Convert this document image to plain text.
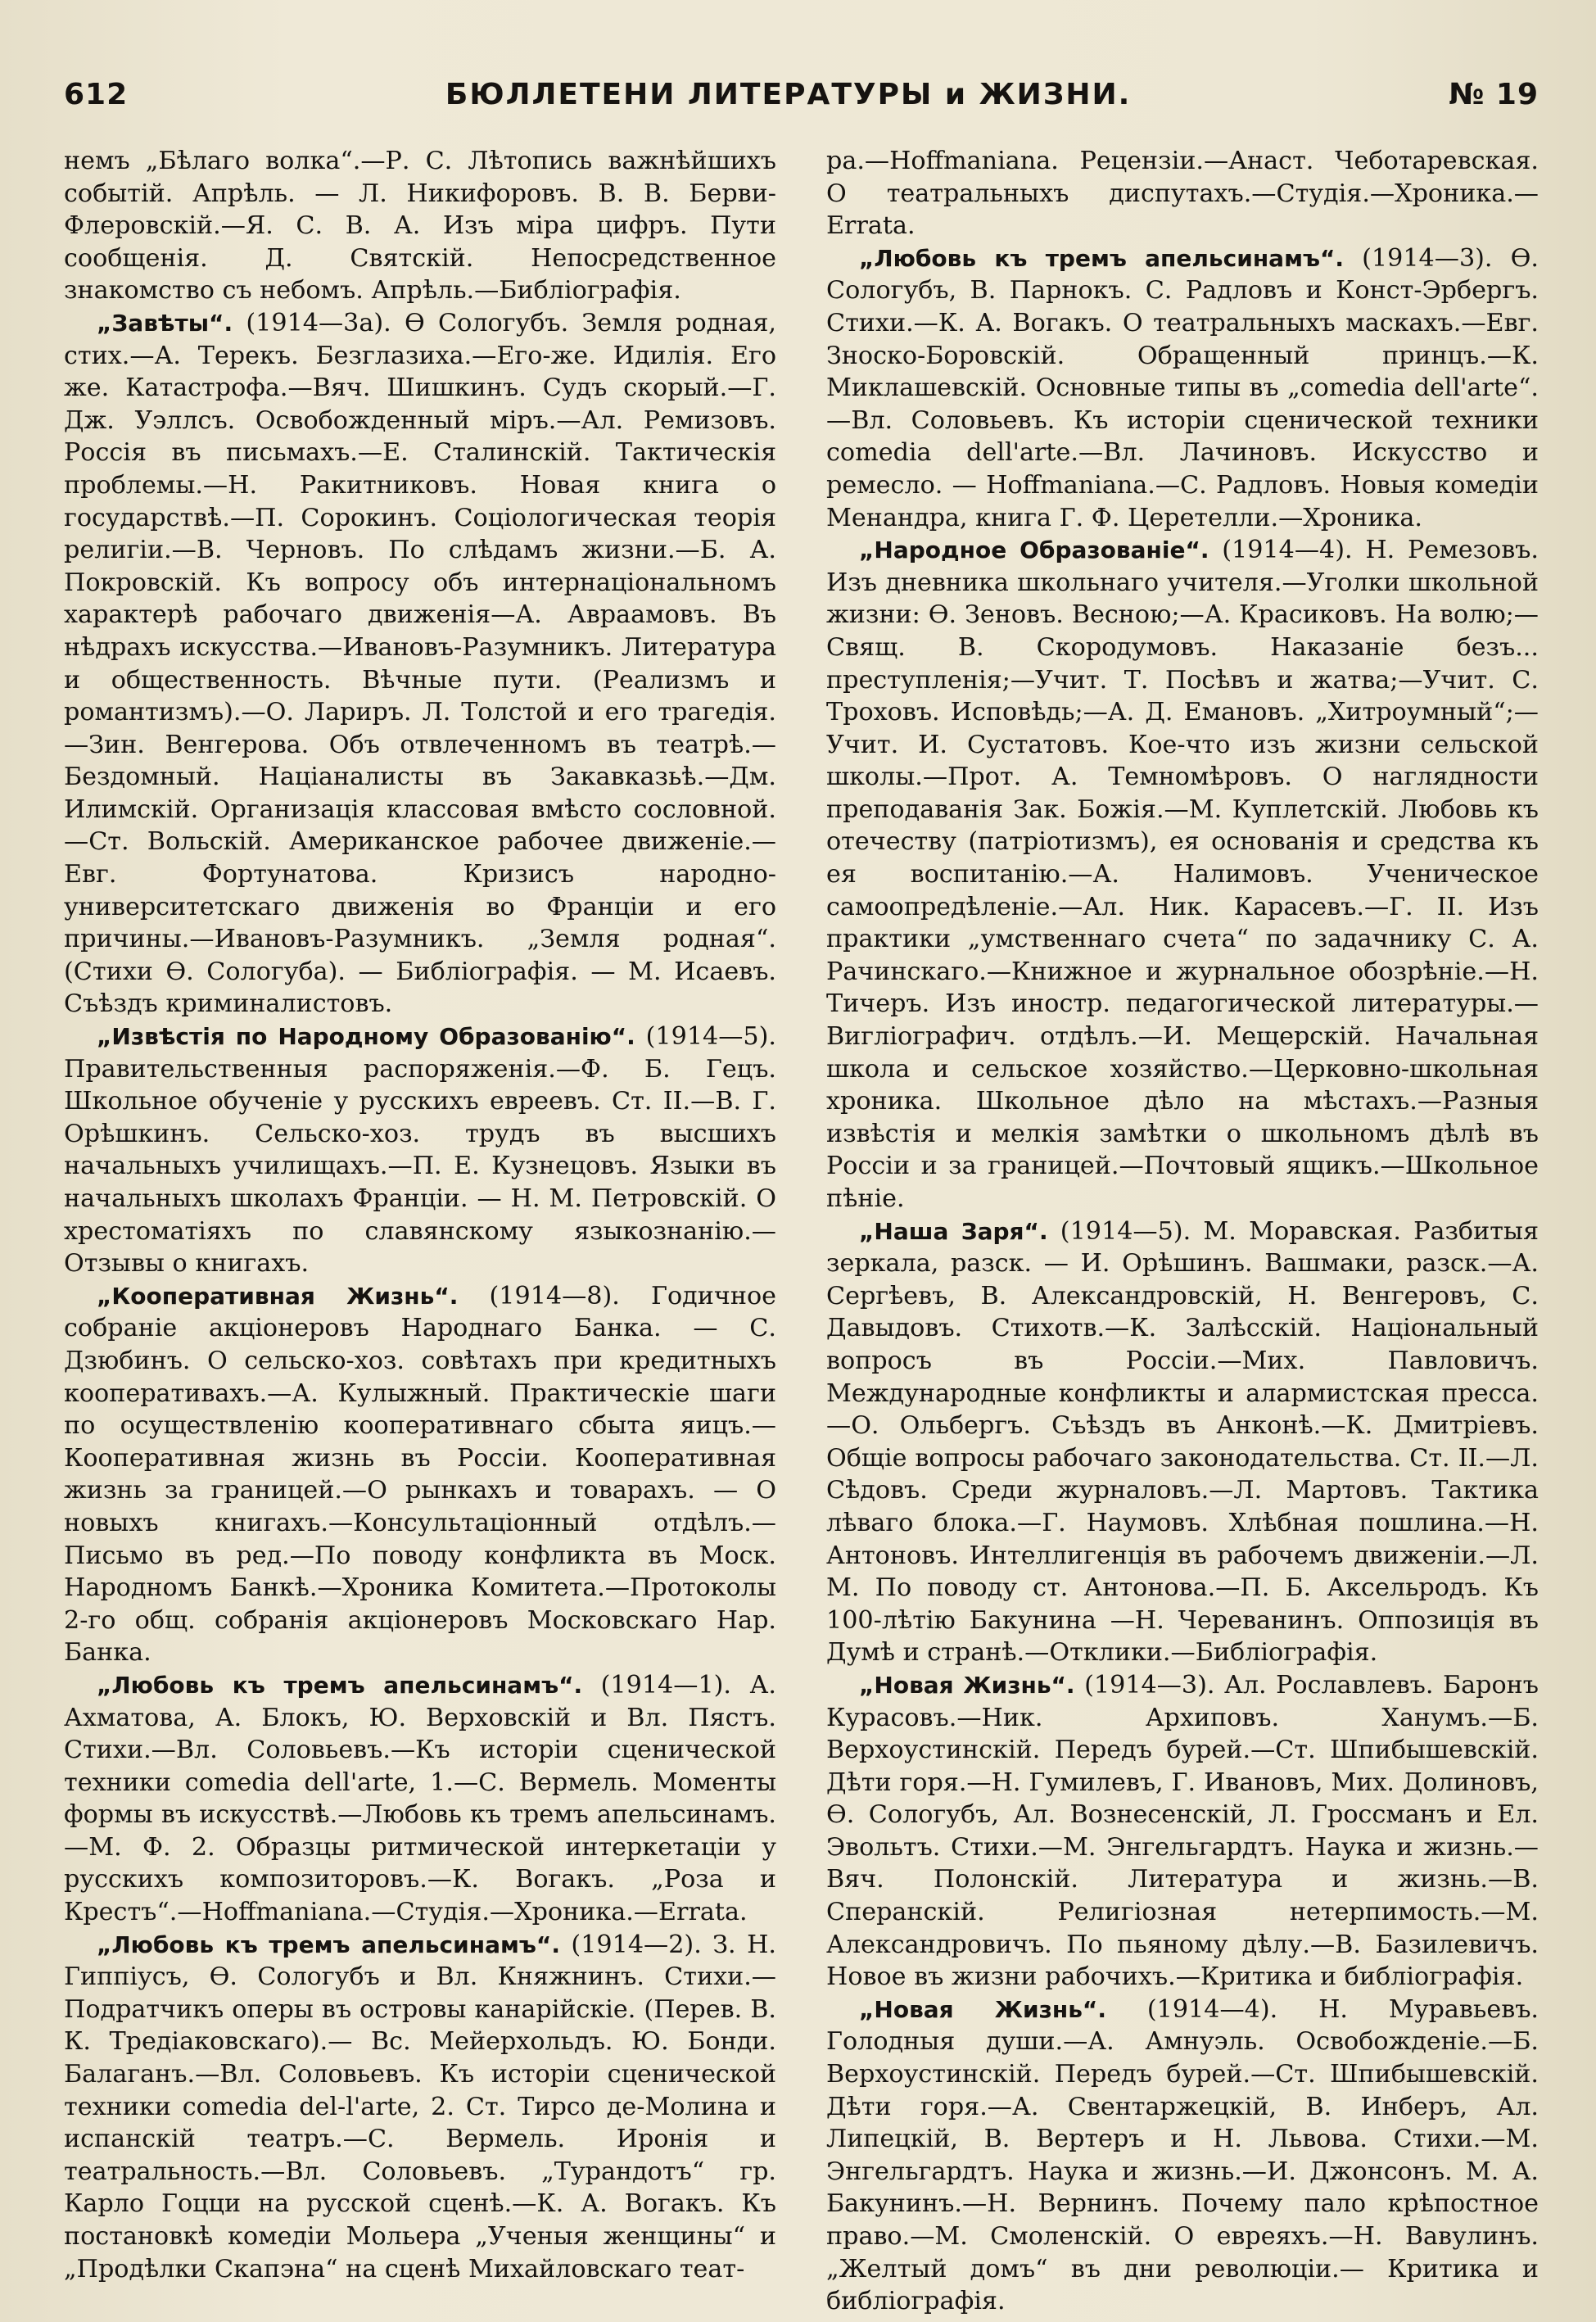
612	БЮЛЛЕТЕНИ ЛИТЕРАТУРЫ и ЖИЗНИ.	№ 19

немъ „Бѣлаго волка“.—Р. С. Лѣтопись важнѣйшихъ событій. Апрѣль. — Л. Никифоровъ. В. В. Берви-Флеровскій.—Я. С. В. А. Изъ міра цифръ. Пути сообщенія. Д. Святскій. Непосредственное знакомство съ небомъ. Апрѣль.—Библіографія.

„Завѣты“. (1914—3а). Ѳ Сологубъ. Земля родная, стих.—А. Терекъ. Безглазиха.—Его-же. Идилія. Его же. Катастрофа.—Вяч. Шишкинъ. Судъ скорый.—Г. Дж. Уэллсъ. Освобожденный міръ.—Ал. Ремизовъ. Россія въ письмахъ.—Е. Сталинскій. Тактическія проблемы.—Н. Ракитниковъ. Новая книга о государствѣ.—П. Сорокинъ. Соціологическая теорія религіи.—В. Черновъ. По слѣдамъ жизни.—Б. А. Покровскій. Къ вопросу объ интернаціональномъ характерѣ рабочаго движенія—А. Авраамовъ. Въ нѣдрахъ искусства.—Ивановъ-Разумникъ. Литература и общественность. Вѣчные пути. (Реализмъ и романтизмъ).—О. Лариръ. Л. Толстой и его трагедія.—Зин. Венгерова. Объ отвлеченномъ въ театрѣ.—Бездомный. Націаналисты въ Закавказьѣ.—Дм. Илимскій. Организація классовая вмѣсто сословной.—Ст. Вольскій. Американское рабочее движеніе.—Евг. Фортунатова. Кризисъ народно-университетскаго движенія во Франціи и его причины.—Ивановъ-Разумникъ. „Земля родная“. (Стихи Ѳ. Сологуба). — Библіографія. — М. Исаевъ. Съѣздъ криминалистовъ.

„Извѣстія по Народному Образованію“. (1914—5). Правительственныя распоряженія.—Ф. Б. Гецъ. Школьное обученіе у русскихъ евреевъ. Ст. II.—В. Г. Орѣшкинъ. Сельско-хоз. трудъ въ высшихъ начальныхъ училищахъ.—П. Е. Кузнецовъ. Языки въ начальныхъ школахъ Франціи. — Н. М. Петровскій. О хрестоматіяхъ по славянскому языкознанію.—Отзывы о книгахъ.

„Кооперативная Жизнь“. (1914—8). Годичное собраніе акціонеровъ Народнаго Банка. — С. Дзюбинъ. О сельско-хоз. совѣтахъ при кредитныхъ кооперативахъ.—А. Кулыжный. Практическіе шаги по осуществленію кооперативнаго сбыта яицъ.—Кооперативная жизнь въ Россіи. Кооперативная жизнь за границей.—О рынкахъ и товарахъ. — О новыхъ книгахъ.—Консультаціонный отдѣлъ.—Письмо въ ред.—По поводу конфликта въ Моск. Народномъ Банкѣ.—Хроника Комитета.—Протоколы 2-го общ. собранія акціонеровъ Московскаго Нар. Банка.

„Любовь къ тремъ апельсинамъ“. (1914—1). А. Ахматова, А. Блокъ, Ю. Верховскій и Вл. Пястъ. Стихи.—Вл. Соловьевъ.—Къ исторіи сценической техники comedia dell'arte, 1.—С. Вермель. Моменты формы въ искусствѣ.—Любовь къ тремъ апельсинамъ.—М. Ф. 2. Образцы ритмической интеркетаціи у русскихъ композиторовъ.—К. Вогакъ. „Роза и Крестъ“.—Hoffmaniana.—Студія.—Хроника.—Errata.

„Любовь къ тремъ апельсинамъ“. (1914—2). З. Н. Гиппіусъ, Ѳ. Сологубъ и Вл. Княжнинъ. Стихи.—Подратчикъ оперы въ островы канарійскіе. (Перев. В. К. Тредіаковскаго).— Вс. Мейерхольдъ. Ю. Бонди. Балаганъ.—Вл. Соловьевъ. Къ исторіи сценической техники comedia del-l'arte, 2. Ст. Тирсо де-Молина и испанскій театръ.—С. Вермель. Иронія и театральность.—Вл. Соловьевъ. „Турандотъ“ гр. Карло Гоцци на русской сценѣ.—К. А. Вогакъ. Къ постановкѣ комедіи Мольера „Ученыя женщины“ и „Продѣлки Скапэна“ на сценѣ Михайловскаго теат-

ра.—Hoffmaniana. Рецензіи.—Анаст. Чеботаревская. О театральныхъ диспутахъ.—Студія.—Хроника.—Errata.

„Любовь къ тремъ апельсинамъ“. (1914—3). Ѳ. Сологубъ, В. Парнокъ. С. Радловъ и Конст-Эрбергъ. Стихи.—К. А. Вогакъ. О театральныхъ маскахъ.—Евг. Зноско-Боровскій. Обращенный принцъ.—К. Миклашевскій. Основные типы въ „comedia dell'arte“.—Вл. Соловьевъ. Къ исторіи сценической техники comedia dell'arte.—Вл. Лачиновъ. Искусство и ремесло. — Hoffmaniana.—С. Радловъ. Новыя комедіи Менандра, книга Г. Ф. Церетелли.—Хроника.

„Народное Образованіе“. (1914—4). Н. Ремезовъ. Изъ дневника школьнаго учителя.—Уголки школьной жизни: Ѳ. Зеновъ. Весною;—А. Красиковъ. На волю;—Свящ. В. Скородумовъ. Наказаніе безъ... преступленія;—Учит. Т. Посѣвъ и жатва;—Учит. С. Троховъ. Исповѣдь;—А. Д. Емановъ. „Хитроумный“;—Учит. И. Сустатовъ. Кое-что изъ жизни сельской школы.—Прот. А. Темномѣровъ. О наглядности преподаванія Зак. Божія.—М. Куплетскій. Любовь къ отечеству (патріотизмъ), ея основанія и средства къ ея воспитанію.—А. Налимовъ. Ученическое самоопредѣленіе.—Ал. Ник. Карасевъ.—Г. II. Изъ практики „умственнаго счета“ по задачнику С. А. Рачинскаго.—Книжное и журнальное обозрѣніе.—Н. Тичеръ. Изъ иностр. педагогической литературы.—Вигліографич. отдѣлъ.—И. Мещерскій. Начальная школа и сельское хозяйство.—Церковно-школьная хроника. Школьное дѣло на мѣстахъ.—Разныя извѣстія и мелкія замѣтки о школьномъ дѣлѣ въ Россіи и за границей.—Почтовый ящикъ.—Школьное пѣніе.

„Наша Заря“. (1914—5). М. Моравская. Разбитыя зеркала, разск. — И. Орѣшинъ. Вашмаки, разск.—А. Сергѣевъ, В. Александровскій, Н. Венгеровъ, С. Давыдовъ. Стихотв.—К. Залѣсскій. Національный вопросъ въ Россіи.—Мих. Павловичъ. Международные конфликты и алармистская пресса.—О. Ольбергъ. Съѣздъ въ Анконѣ.—К. Дмитріевъ. Общіе вопросы рабочаго законодательства. Ст. II.—Л. Сѣдовъ. Среди журналовъ.—Л. Мартовъ. Тактика лѣваго блока.—Г. Наумовъ. Хлѣбная пошлина.—Н. Антоновъ. Интеллигенція въ рабочемъ движеніи.—Л. М. По поводу ст. Антонова.—П. Б. Аксельродъ. Къ 100-лѣтію Бакунина —Н. Череванинъ. Оппозиція въ Думѣ и странѣ.—Отклики.—Библіографія.

„Новая Жизнь“. (1914—3). Ал. Рославлевъ. Баронъ Курасовъ.—Ник. Архиповъ. Ханумъ.—Б. Верхоустинскій. Передъ бурей.—Ст. Шпибышевскій. Дѣти горя.—Н. Гумилевъ, Г. Ивановъ, Мих. Долиновъ, Ѳ. Сологубъ, Ал. Вознесенскій, Л. Гроссманъ и Ел. Эвольтъ. Стихи.—М. Энгельгардтъ. Наука и жизнь.—Вяч. Полонскій. Литература и жизнь.—В. Сперанскій. Религіозная нетерпимость.—М. Александровичъ. По пьяному дѣлу.—В. Базилевичъ. Новое въ жизни рабочихъ.—Критика и библіографія.

„Новая Жизнь“. (1914—4). Н. Муравьевъ. Голодныя души.—А. Амнуэль. Освобожденіе.—Б. Верхоустинскій. Передъ бурей.—Ст. Шпибышевскій. Дѣти горя.—А. Свентаржецкій, В. Инберъ, Ал. Липецкій, В. Вертеръ и Н. Львова. Стихи.—М. Энгельгардтъ. Наука и жизнь.—И. Джонсонъ. М. А. Бакунинъ.—Н. Вернинъ. Почему пало крѣпостное право.—М. Смоленскій. О евреяхъ.—Н. Вавулинъ. „Желтый домъ“ въ дни революціи.— Критика и библіографія.
